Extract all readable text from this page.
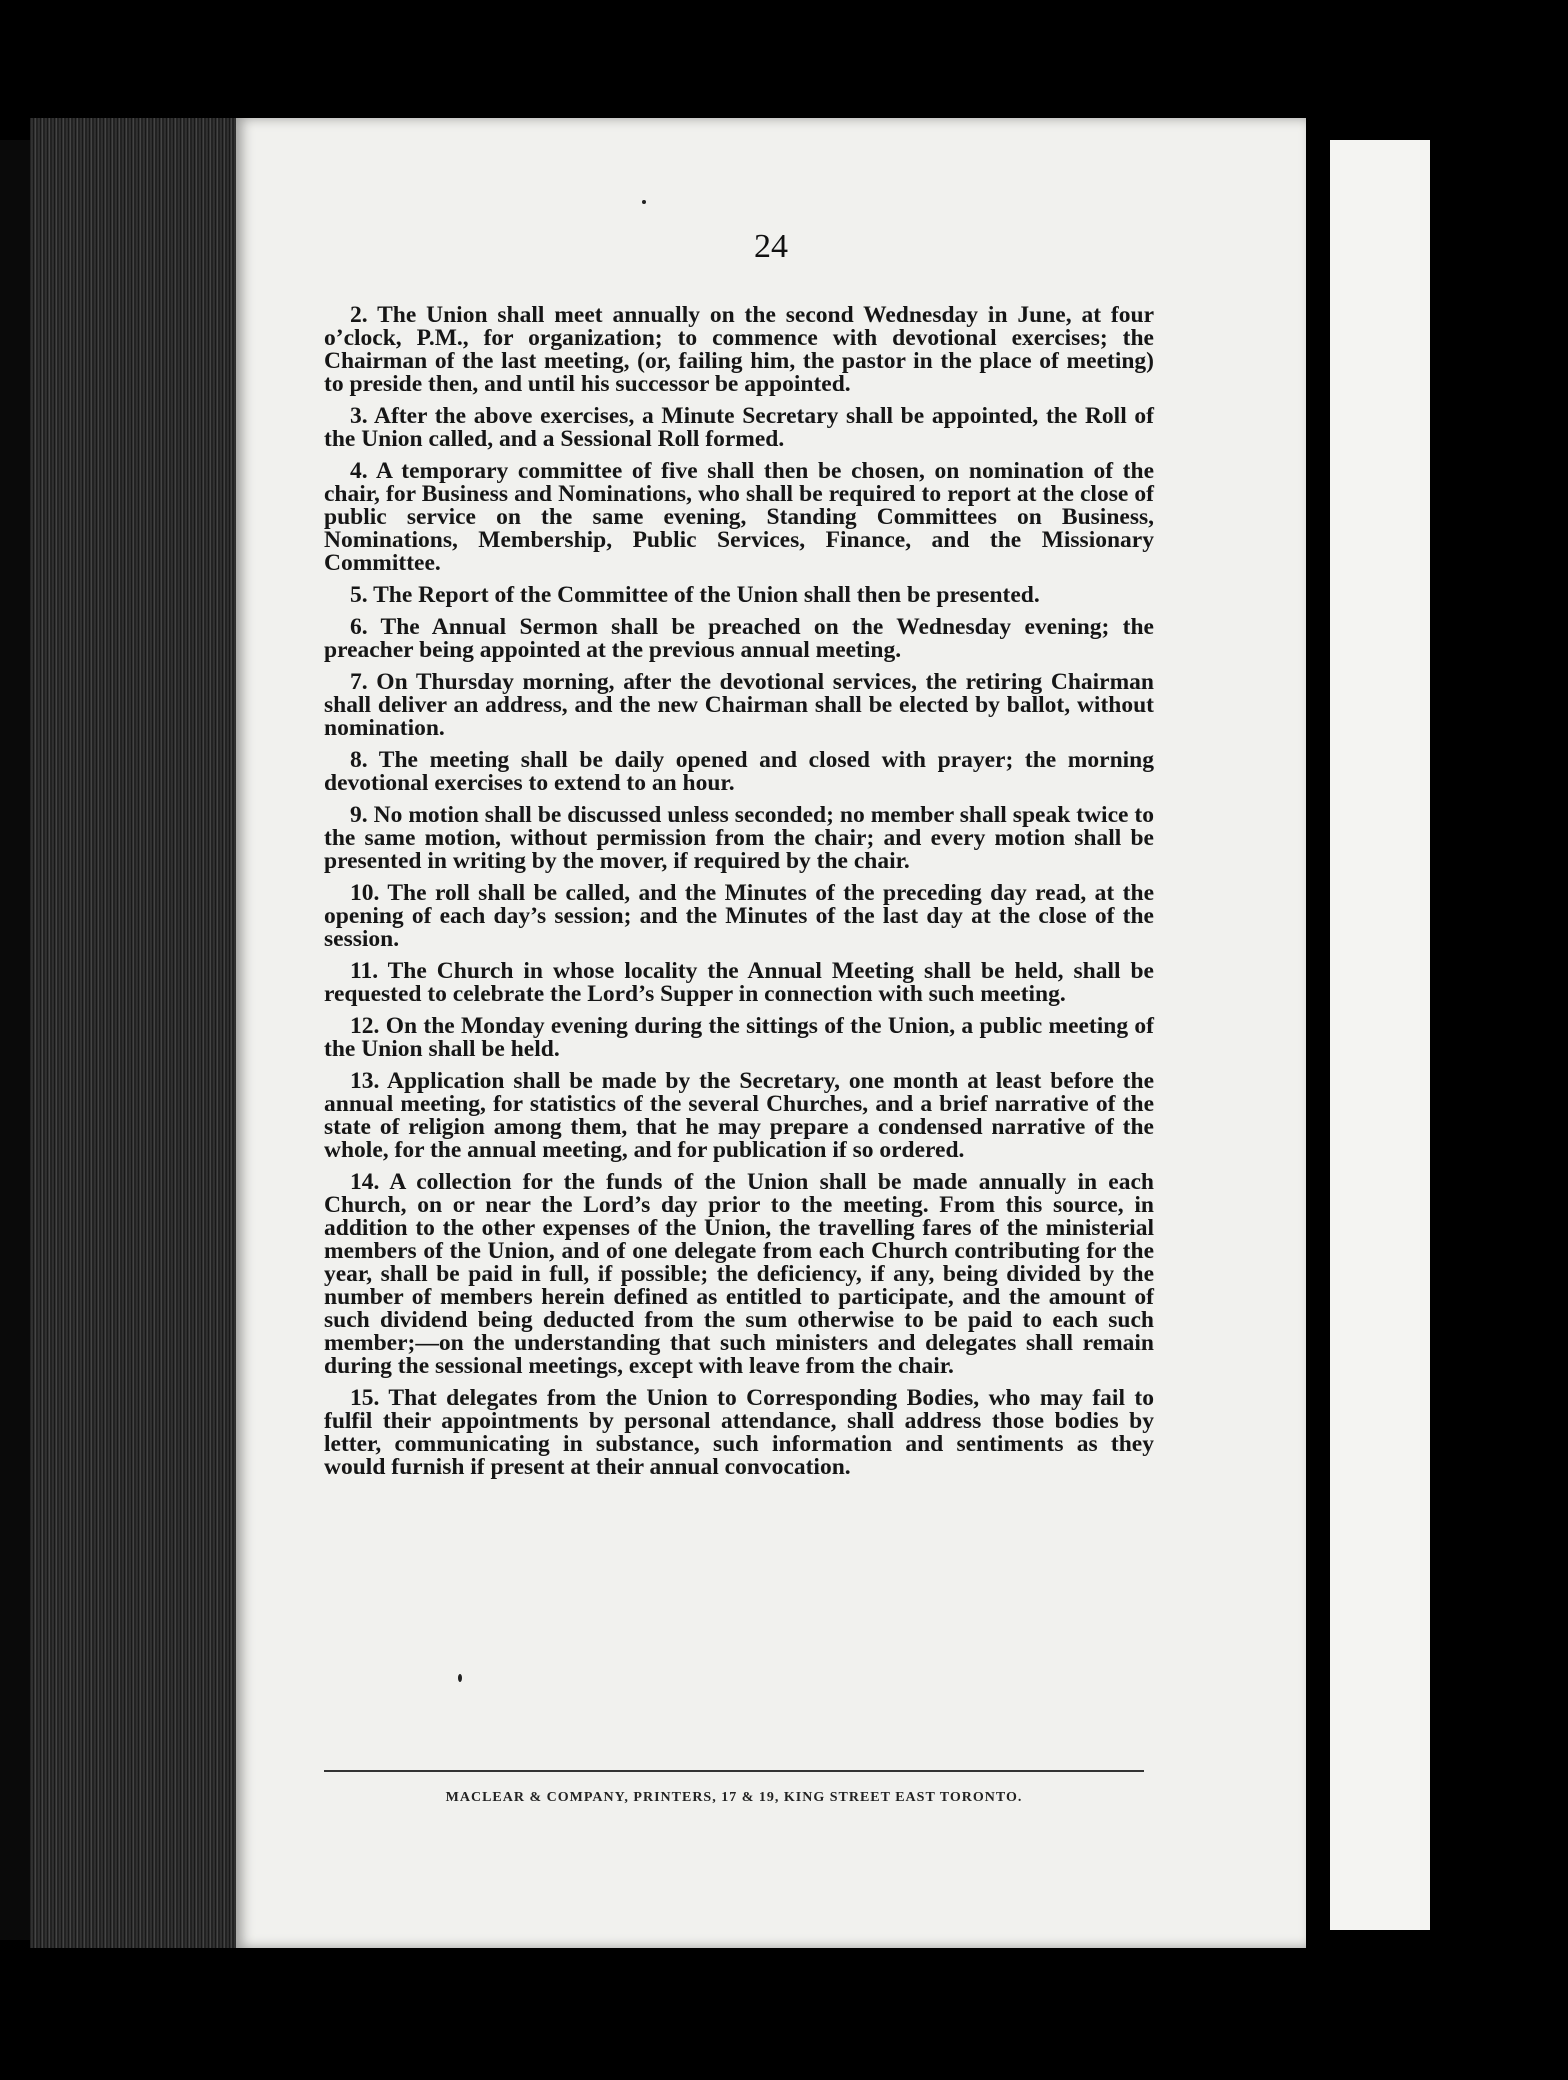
24

2. The Union shall meet annually on the second Wednesday in June, at four o’clock, P.M., for organization; to commence with devotional exercises; the Chairman of the last meeting, (or, failing him, the pastor in the place of meeting) to preside then, and until his successor be appointed.

3. After the above exercises, a Minute Secretary shall be appointed, the Roll of the Union called, and a Sessional Roll formed.

4. A temporary committee of five shall then be chosen, on nomination of the chair, for Business and Nominations, who shall be required to report at the close of public service on the same evening, Standing Committees on Business, Nominations, Membership, Public Services, Finance, and the Missionary Committee.

5. The Report of the Committee of the Union shall then be presented.

6. The Annual Sermon shall be preached on the Wednesday evening; the preacher being appointed at the previous annual meeting.

7. On Thursday morning, after the devotional services, the retiring Chairman shall deliver an address, and the new Chairman shall be elected by ballot, without nomination.

8. The meeting shall be daily opened and closed with prayer; the morning devotional exercises to extend to an hour.

9. No motion shall be discussed unless seconded; no member shall speak twice to the same motion, without permission from the chair; and every motion shall be presented in writing by the mover, if required by the chair.

10. The roll shall be called, and the Minutes of the preceding day read, at the opening of each day’s session; and the Minutes of the last day at the close of the session.

11. The Church in whose locality the Annual Meeting shall be held, shall be requested to celebrate the Lord’s Supper in connection with such meeting.

12. On the Monday evening during the sittings of the Union, a public meeting of the Union shall be held.

13. Application shall be made by the Secretary, one month at least before the annual meeting, for statistics of the several Churches, and a brief narrative of the state of religion among them, that he may prepare a condensed narrative of the whole, for the annual meeting, and for publication if so ordered.

14. A collection for the funds of the Union shall be made annually in each Church, on or near the Lord’s day prior to the meeting. From this source, in addition to the other expenses of the Union, the travelling fares of the ministerial members of the Union, and of one delegate from each Church contributing for the year, shall be paid in full, if possible; the deficiency, if any, being divided by the number of members herein defined as entitled to participate, and the amount of such dividend being deducted from the sum otherwise to be paid to each such member;—on the understanding that such ministers and delegates shall remain during the sessional meetings, except with leave from the chair.

15. That delegates from the Union to Corresponding Bodies, who may fail to fulfil their appointments by personal attendance, shall address those bodies by letter, communicating in substance, such information and sentiments as they would furnish if present at their annual convocation.

MACLEAR & COMPANY, PRINTERS, 17 & 19, KING STREET EAST TORONTO.
